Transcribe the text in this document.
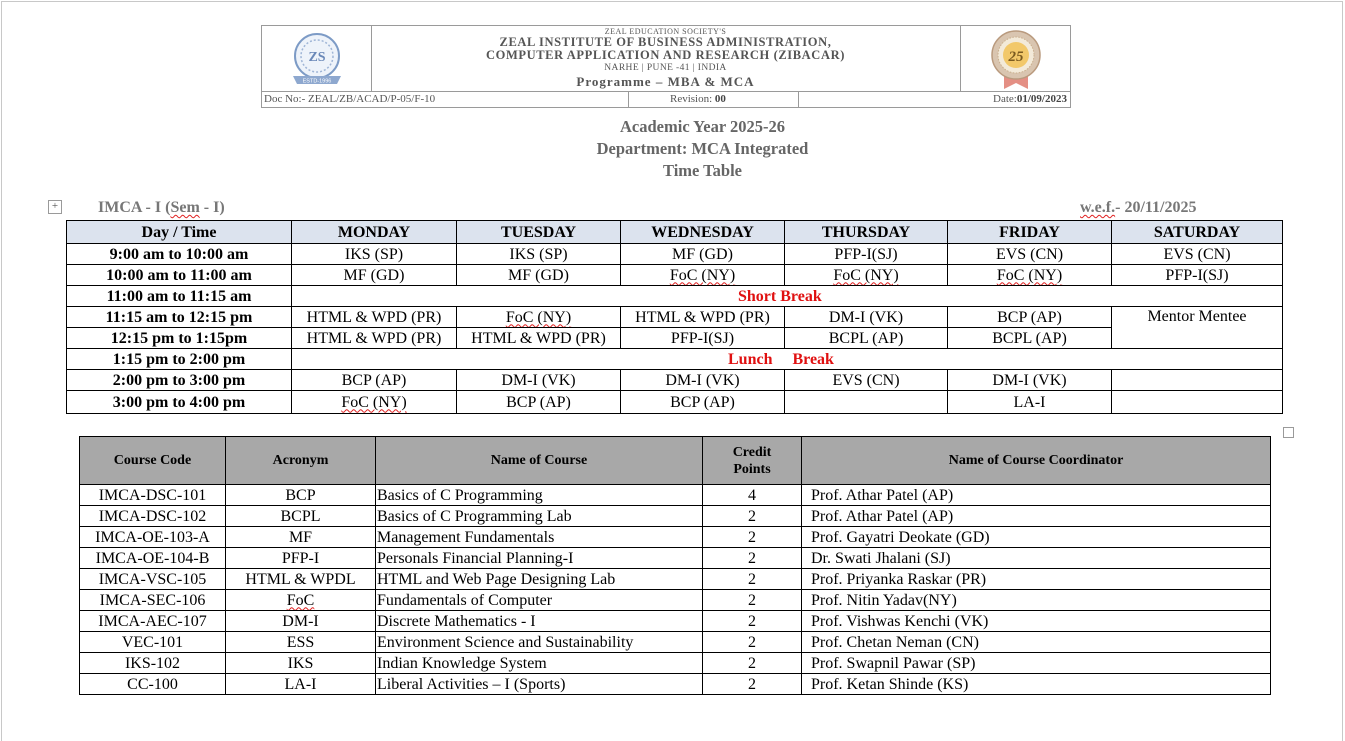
ZS
ESTD-1996
ZEAL EDUCATION SOCIETY'S
ZEAL INSTITUTE OF BUSINESS ADMINISTRATION,
COMPUTER APPLICATION AND RESEARCH (ZIBACAR)
NARHE | PUNE -41 | INDIA
Programme – MBA & MCA
25
Doc No:- ZEAL/ZB/ACAD/P-05/F-10	Revision: 00	Date:01/09/2023
Academic Year 2025-26
Department: MCA Integrated
Time Table
+ IMCA - I (Sem - I)	w.e.f.- 20/11/2025
Day / Time	MONDAY	TUESDAY	WEDNESDAY	THURSDAY	FRIDAY	SATURDAY
9:00 am to 10:00 am	IKS (SP)	IKS (SP)	MF (GD)	PFP-I(SJ)	EVS (CN)	EVS (CN)
10:00 am to 11:00 am	MF (GD)	MF (GD)	FoC (NY)	FoC (NY)	FoC (NY)	PFP-I(SJ)
11:00 am to 11:15 am	Short Break					
11:15 am to 12:15 pm	HTML & WPD (PR)	FoC (NY)	HTML & WPD (PR)	DM-I (VK)	BCP (AP)	Mentor Mentee
12:15 pm to 1:15pm	HTML & WPD (PR)	HTML & WPD (PR)	PFP-I(SJ)	BCPL (AP)	BCPL (AP)	
1:15 pm to 2:00 pm	Lunch Break					
2:00 pm to 3:00 pm	BCP (AP)	DM-I (VK)	DM-I (VK)	EVS (CN)	DM-I (VK)	
3:00 pm to 4:00 pm	FoC (NY)	BCP (AP)	BCP (AP)		LA-I	
Course Code	Acronym	Name of Course	Credit
Points	Name of Course Coordinator
IMCA-DSC-101	BCP	Basics of C Programming	4	Prof. Athar Patel (AP)
IMCA-DSC-102	BCPL	Basics of C Programming Lab	2	Prof. Athar Patel (AP)
IMCA-OE-103-A	MF	Management Fundamentals	2	Prof. Gayatri Deokate (GD)
IMCA-OE-104-B	PFP-I	Personals Financial Planning-I	2	Dr. Swati Jhalani (SJ)
IMCA-VSC-105	HTML & WPDL	HTML and Web Page Designing Lab	2	Prof. Priyanka Raskar (PR)
IMCA-SEC-106	FoC	Fundamentals of Computer	2	Prof. Nitin Yadav(NY)
IMCA-AEC-107	DM-I	Discrete Mathematics - I	2	Prof. Vishwas Kenchi (VK)
VEC-101	ESS	Environment Science and Sustainability	2	Prof. Chetan Neman (CN)
IKS-102	IKS	Indian Knowledge System	2	Prof. Swapnil Pawar (SP)
CC-100	LA-I	Liberal Activities – I (Sports)	2	Prof. Ketan Shinde (KS)
